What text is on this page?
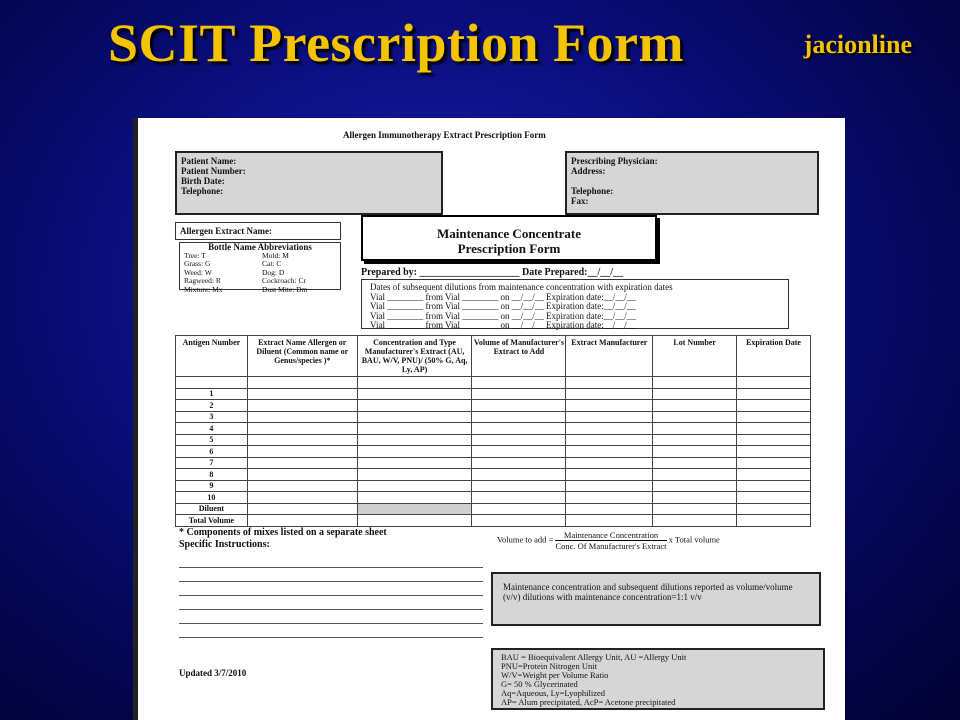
SCIT Prescription Form	jacionline
Allergen Immunotherapy Extract Prescription Form
Patient Name:
Patient Number:
Birth Date:
Telephone:
Prescribing Physician:
Address:
Telephone:
Fax:
Allergen Extract Name:
Bottle Name Abbreviations
Tree: T	Mold: M
Grass: G	Cat: C
Weed: W	Dog: D
Ragweed: R	Cockroach: Cr
Mixture: Mx	Dust Mite: Dm
Maintenance Concentrate
Prescription Form
Prepared by: ____________________ Date Prepared:__/__/__
Dates of subsequent dilutions from maintenance concentration with expiration dates
Vial ________ from Vial ________ on __/__/__ Expiration date:__/__/__
Vial ________ from Vial ________ on __/__/__ Expiration date:__/__/__
Vial ________ from Vial ________ on __/__/__ Expiration date:__/__/__
Vial ________ from Vial ________ on __/__/__ Expiration date:__/__/__
Antigen Number	Extract Name Allergen or Diluent (Common name or Genus/species )*	Concentration and Type Manufacturer's Extract (AU, BAU, W/V, PNU)/ (50% G, Aq, Ly, AP)	Volume of Manufacturer's Extract to Add	Extract Manufacturer	Lot Number	Expiration Date

1						
2						
3						
4						
5						
6						
7						
8						
9						
10						
Diluent						
Total Volume						
* Components of mixes listed on a separate sheet
Specific Instructions:	Volume to add = $\frac{\text{Maintenance Concentration}}{\text{Conc. Of Manufacturer's Extract}}$ x Total volume
Maintenance concentration and subsequent dilutions reported as volume/volume (v/v) dilutions with maintenance concentration=1:1 v/v
Updated 3/7/2010
BAU = Bioequivalent Allergy Unit, AU =Allergy Unit
PNU=Protein Nitrogen Unit
W/V=Weight per Volume Ratio
G= 50 % Glycerinated
Aq=Aqueous, Ly=Lyophilized
AP= Alum precipitated, AcP= Acetone precipitated
